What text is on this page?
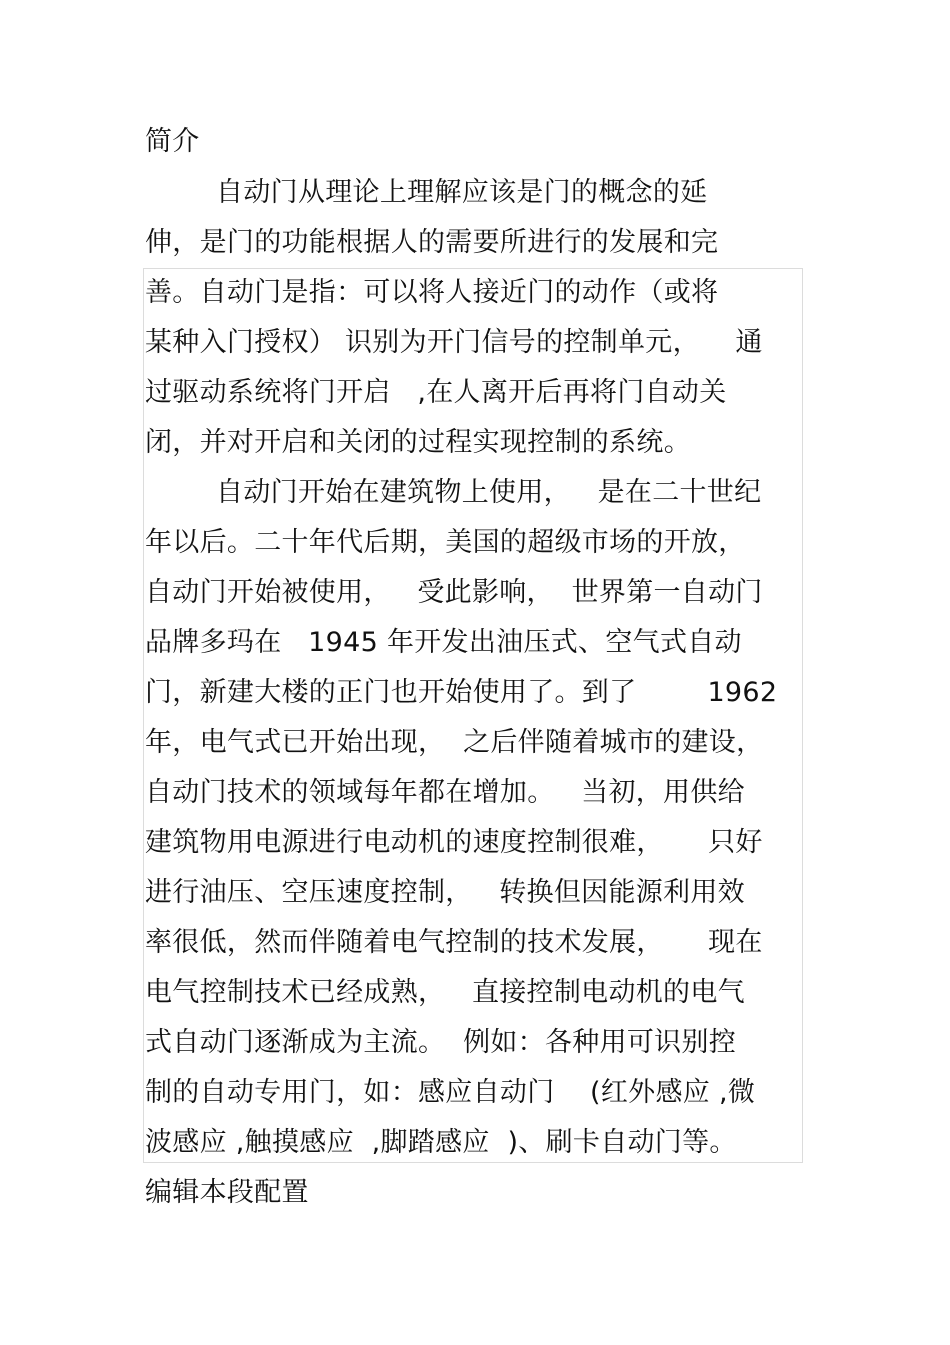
简介
自动门从理论上理解应该是门的概念的延
伸，是门的功能根据人的需要所进行的发展和完
善。自动门是指：可以将人接近门的动作（或将
某种入门授权） 识别为开门信号的控制单元，    通
过驱动系统将门开启   ,在人离开后再将门自动关
闭，并对开启和关闭的过程实现控制的系统。
自动门开始在建筑物上使用，   是在二十世纪
年以后。二十年代后期，美国的超级市场的开放，
自动门开始被使用，   受此影响，  世界第一自动门
品牌多玛在   1945 年开发出油压式、空气式自动
门，新建大楼的正门也开始使用了。到了        1962
年，电气式已开始出现，  之后伴随着城市的建设，
自动门技术的领域每年都在增加。   当初，用供给
建筑物用电源进行电动机的速度控制很难，     只好
进行油压、空压速度控制，   转换但因能源利用效
率很低，然而伴随着电气控制的技术发展，     现在
电气控制技术已经成熟，   直接控制电动机的电气
式自动门逐渐成为主流。  例如：各种用可识别控
制的自动专用门，如：感应自动门    (红外感应 ,微
波感应 ,触摸感应  ,脚踏感应  )、刷卡自动门等。
编辑本段配置
